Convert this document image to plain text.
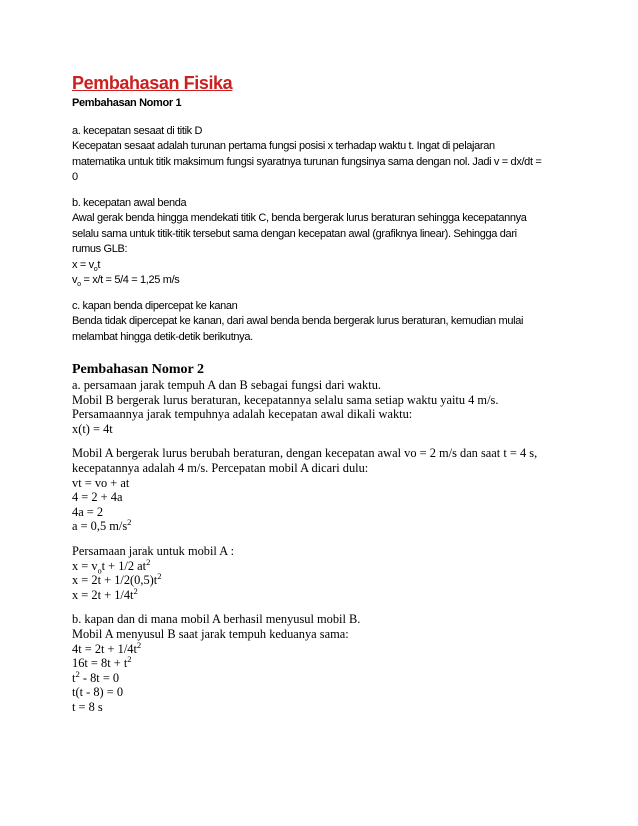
Pembahasan Fisika

Pembahasan Nomor 1

a. kecepatan sesaat di titik D

Kecepatan sesaat adalah turunan pertama fungsi posisi x terhadap waktu t. Ingat di pelajaran

matematika untuk titik maksimum fungsi syaratnya turunan fungsinya sama dengan nol. Jadi v = dx/dt =

0

b. kecepatan awal benda

Awal gerak benda hingga mendekati titik C, benda bergerak lurus beraturan sehingga kecepatannya

selalu sama untuk titik-titik tersebut sama dengan kecepatan awal (grafiknya linear). Sehingga dari

rumus GLB:

$x = v_ot$

$v_o = x/t = 5/4 = 1,25$ m/s

c. kapan benda dipercepat ke kanan

Benda tidak dipercepat ke kanan, dari awal benda benda bergerak lurus beraturan, kemudian mulai

melambat hingga detik-detik berikutnya.

Pembahasan Nomor 2

a. persamaan jarak tempuh A dan B sebagai fungsi dari waktu.

Mobil B bergerak lurus beraturan, kecepatannya selalu sama setiap waktu yaitu 4 m/s.

Persamaannya jarak tempuhnya adalah kecepatan awal dikali waktu:

x(t) = 4t

Mobil A bergerak lurus berubah beraturan, dengan kecepatan awal vo = 2 m/s dan saat t = 4 s,

kecepatannya adalah 4 m/s. Percepatan mobil A dicari dulu:

vt = vo + at

4 = 2 + 4a

4a = 2

a = 0,5 $m/s^2$

Persamaan jarak untuk mobil A :

$x = v_ot + 1/2$ $at^2$

$x = 2t + 1/2(0,5)t^2$

$x = 2t + 1/4t^2$

b. kapan dan di mana mobil A berhasil menyusul mobil B.

Mobil A menyusul B saat jarak tempuh keduanya sama:

$4t = 2t + 1/4t^2$

$16t = 8t + t^2$

$t^2 - 8t = 0$

t(t - 8) = 0

t = 8 s
